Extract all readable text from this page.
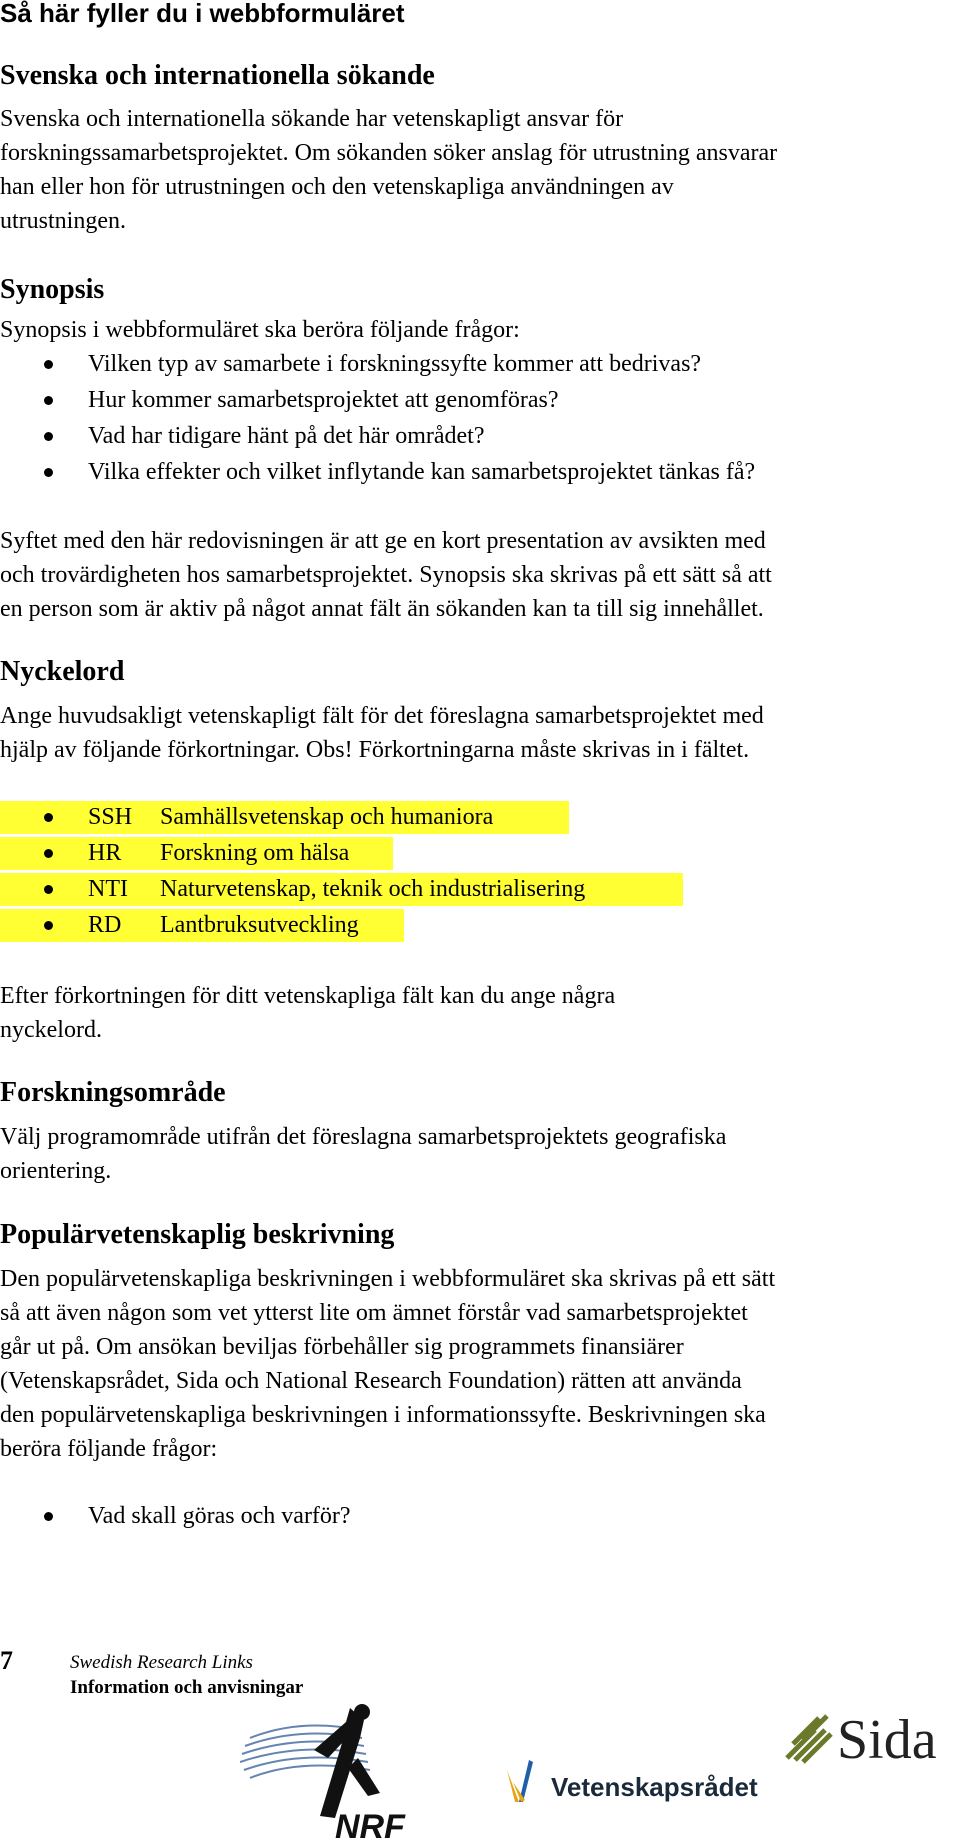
Så här fyller du i webbformuläret
Svenska och internationella sökande
Svenska och internationella sökande har vetenskapligt ansvar för
forskningssamarbetsprojektet. Om sökanden söker anslag för utrustning ansvarar
han eller hon för utrustningen och den vetenskapliga användningen av
utrustningen.
Synopsis
Synopsis i webbformuläret ska beröra följande frågor:
Vilken typ av samarbete i forskningssyfte kommer att bedrivas?
Hur kommer samarbetsprojektet att genomföras?
Vad har tidigare hänt på det här området?
Vilka effekter och vilket inflytande kan samarbetsprojektet tänkas få?
Syftet med den här redovisningen är att ge en kort presentation av avsikten med
och trovärdigheten hos samarbetsprojektet. Synopsis ska skrivas på ett sätt så att
en person som är aktiv på något annat fält än sökanden kan ta till sig innehållet.
Nyckelord
Ange huvudsakligt vetenskapligt fält för det föreslagna samarbetsprojektet med
hjälp av följande förkortningar. Obs! Förkortningarna måste skrivas in i fältet.
SSH Samhällsvetenskap och humaniora
HR Forskning om hälsa
NTI Naturvetenskap, teknik och industrialisering
RD Lantbruksutveckling
Efter förkortningen för ditt vetenskapliga fält kan du ange några
nyckelord.
Forskningsområde
Välj programområde utifrån det föreslagna samarbetsprojektets geografiska
orientering.
Populärvetenskaplig beskrivning
Den populärvetenskapliga beskrivningen i webbformuläret ska skrivas på ett sätt
så att även någon som vet ytterst lite om ämnet förstår vad samarbetsprojektet
går ut på. Om ansökan beviljas förbehåller sig programmets finansiärer
(Vetenskapsrådet, Sida och National Research Foundation) rätten att använda
den populärvetenskapliga beskrivningen i informationssyfte. Beskrivningen ska
beröra följande frågor:
Vad skall göras och varför?
7	Swedish Research Links
Information och anvisningar
NRF
Vetenskapsrådet
Sida
